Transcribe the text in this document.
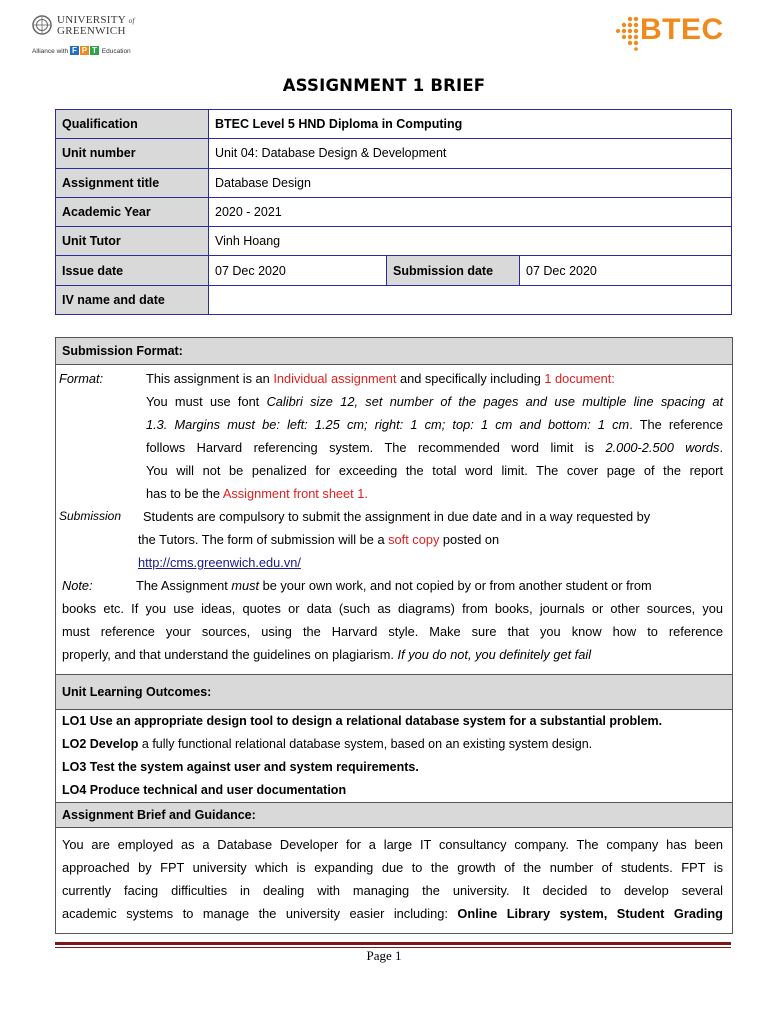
UNIVERSITY of
GREENWICH
Alliance with F P T Education
BTEC
ASSIGNMENT 1 BRIEF
Qualification	BTEC Level 5 HND Diploma in Computing		
Unit number	Unit 04: Database Design & Development		
Assignment title	Database Design		
Academic Year	2020 - 2021		
Unit Tutor	Vinh Hoang		
Issue date	07 Dec 2020	Submission date	07 Dec 2020
IV name and date			
Submission Format:
Format:	This assignment is an Individual assignment and specifically including 1 document:
You must use font Calibri size 12, set number of the pages and use multiple line spacing at
1.3. Margins must be: left: 1.25 cm; right: 1 cm; top: 1 cm and bottom: 1 cm. The reference
follows Harvard referencing system. The recommended word limit is 2.000-2.500 words.
You will not be penalized for exceeding the total word limit. The cover page of the report
has to be the Assignment front sheet 1.
Submission Students are compulsory to submit the assignment in due date and in a way requested by
the Tutors. The form of submission will be a soft copy posted on
http://cms.greenwich.edu.vn/
Note:	The Assignment must be your own work, and not copied by or from another student or from
books etc. If you use ideas, quotes or data (such as diagrams) from books, journals or other sources, you
must reference your sources, using the Harvard style. Make sure that you know how to reference
properly, and that understand the guidelines on plagiarism. If you do not, you definitely get fail
Unit Learning Outcomes:
LO1 Use an appropriate design tool to design a relational database system for a substantial problem.
LO2 Develop a fully functional relational database system, based on an existing system design.
LO3 Test the system against user and system requirements.
LO4 Produce technical and user documentation
Assignment Brief and Guidance:
You are employed as a Database Developer for a large IT consultancy company. The company has been
approached by FPT university which is expanding due to the growth of the number of students. FPT is
currently facing difficulties in dealing with managing the university. It decided to develop several
academic systems to manage the university easier including: Online Library system, Student Grading
Page 1
